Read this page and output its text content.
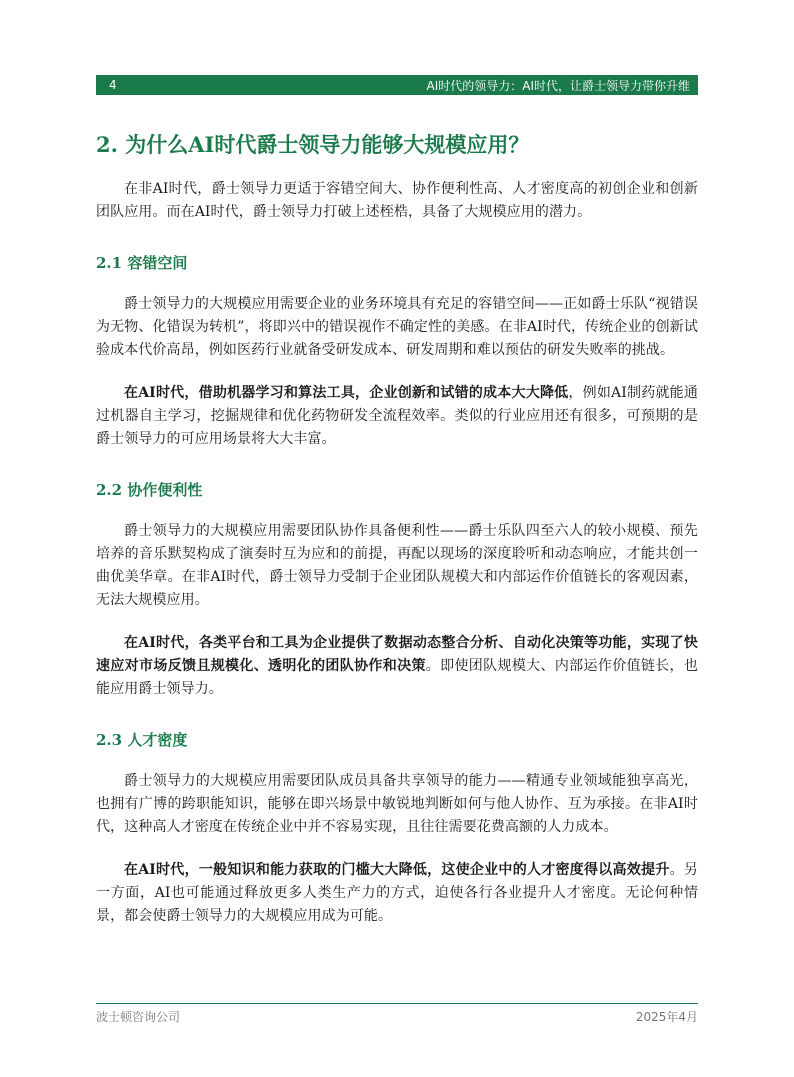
4	AI时代的领导力：AI时代，让爵士领导力带你升维
2. 为什么AI时代爵士领导力能够大规模应用？

在非AI时代，爵士领导力更适于容错空间大、协作便利性高、人才密度高的初创企业和创新团队应用。而在AI时代，爵士领导力打破上述桎梏，具备了大规模应用的潜力。

2.1 容错空间

爵士领导力的大规模应用需要企业的业务环境具有充足的容错空间——正如爵士乐队“视错误为无物、化错误为转机”，将即兴中的错误视作不确定性的美感。在非AI时代，传统企业的创新试验成本代价高昂，例如医药行业就备受研发成本、研发周期和难以预估的研发失败率的挑战。

在AI时代，借助机器学习和算法工具，企业创新和试错的成本大大降低，例如AI制药就能通过机器自主学习，挖掘规律和优化药物研发全流程效率。类似的行业应用还有很多，可预期的是爵士领导力的可应用场景将大大丰富。

2.2 协作便利性

爵士领导力的大规模应用需要团队协作具备便利性——爵士乐队四至六人的较小规模、预先培养的音乐默契构成了演奏时互为应和的前提，再配以现场的深度聆听和动态响应，才能共创一曲优美华章。在非AI时代，爵士领导力受制于企业团队规模大和内部运作价值链长的客观因素，无法大规模应用。

在AI时代，各类平台和工具为企业提供了数据动态整合分析、自动化决策等功能，实现了快速应对市场反馈且规模化、透明化的团队协作和决策。即使团队规模大、内部运作价值链长，也能应用爵士领导力。

2.3 人才密度

爵士领导力的大规模应用需要团队成员具备共享领导的能力——精通专业领域能独享高光，也拥有广博的跨职能知识，能够在即兴场景中敏锐地判断如何与他人协作、互为承接。在非AI时代，这种高人才密度在传统企业中并不容易实现，且往往需要花费高额的人力成本。

在AI时代，一般知识和能力获取的门槛大大降低，这使企业中的人才密度得以高效提升。另一方面，AI也可能通过释放更多人类生产力的方式，迫使各行各业提升人才密度。无论何种情景，都会使爵士领导力的大规模应用成为可能。

波士顿咨询公司	2025年4月
